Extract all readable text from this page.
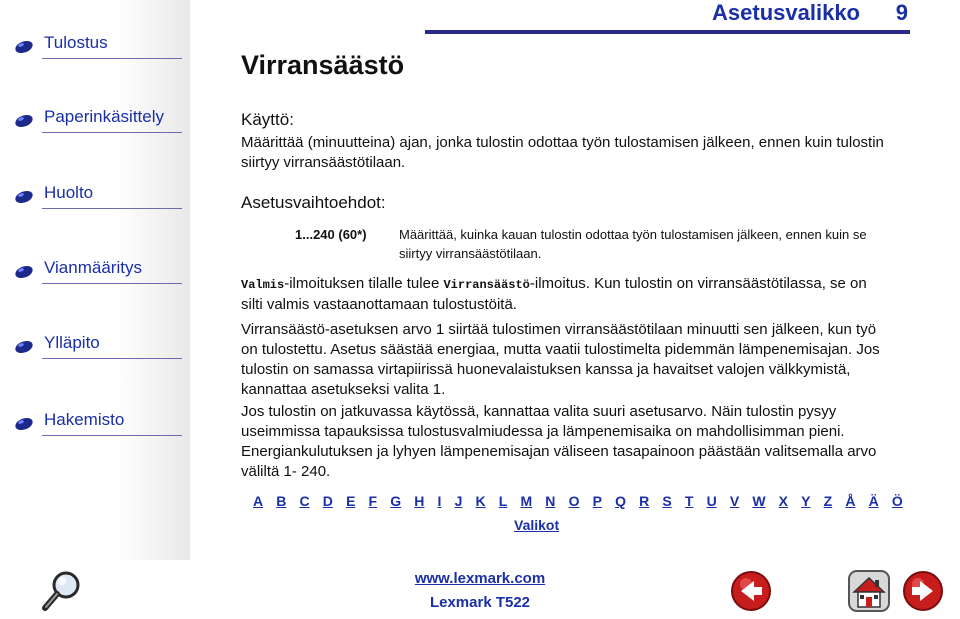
Tulostus
Paperinkäsittely
Huolto
Vianmääritys
Ylläpito
Hakemisto
Asetusvalikko 9
Virransäästö
Käyttö:
Määrittää (minuutteina) ajan, jonka tulostin odottaa työn tulostamisen jälkeen, ennen kuin tulostin siirtyy virransäästötilaan.
Asetusvaihtoehdot:
1...240 (60*) Määrittää, kuinka kauan tulostin odottaa työn tulostamisen jälkeen, ennen kuin se siirtyy virransäästötilaan.
Valmis-ilmoituksen tilalle tulee Virransäästö-ilmoitus. Kun tulostin on virransäästötilassa, se on silti valmis vastaanottamaan tulostustöitä.
Virransäästö-asetuksen arvo 1 siirtää tulostimen virransäästötilaan minuutti sen jälkeen, kun työ on tulostettu. Asetus säästää energiaa, mutta vaatii tulostimelta pidemmän lämpenemisajan. Jos tulostin on samassa virtapiirissä huonevalaistuksen kanssa ja havaitset valojen välkkymistä, kannattaa asetukseksi valita 1.
Jos tulostin on jatkuvassa käytössä, kannattaa valita suuri asetusarvo. Näin tulostin pysyy useimmissa tapauksissa tulostusvalmiudessa ja lämpenemisaika on mahdollisimman pieni. Energiankulutuksen ja lyhyen lämpenemisajan väliseen tasapainoon päästään valitsemalla arvo väliltä 1- 240.
A B C D E F G H I J K L M N O P Q R S T U V W X Y Z Å Ä Ö
Valikot
www.lexmark.com
Lexmark T522
